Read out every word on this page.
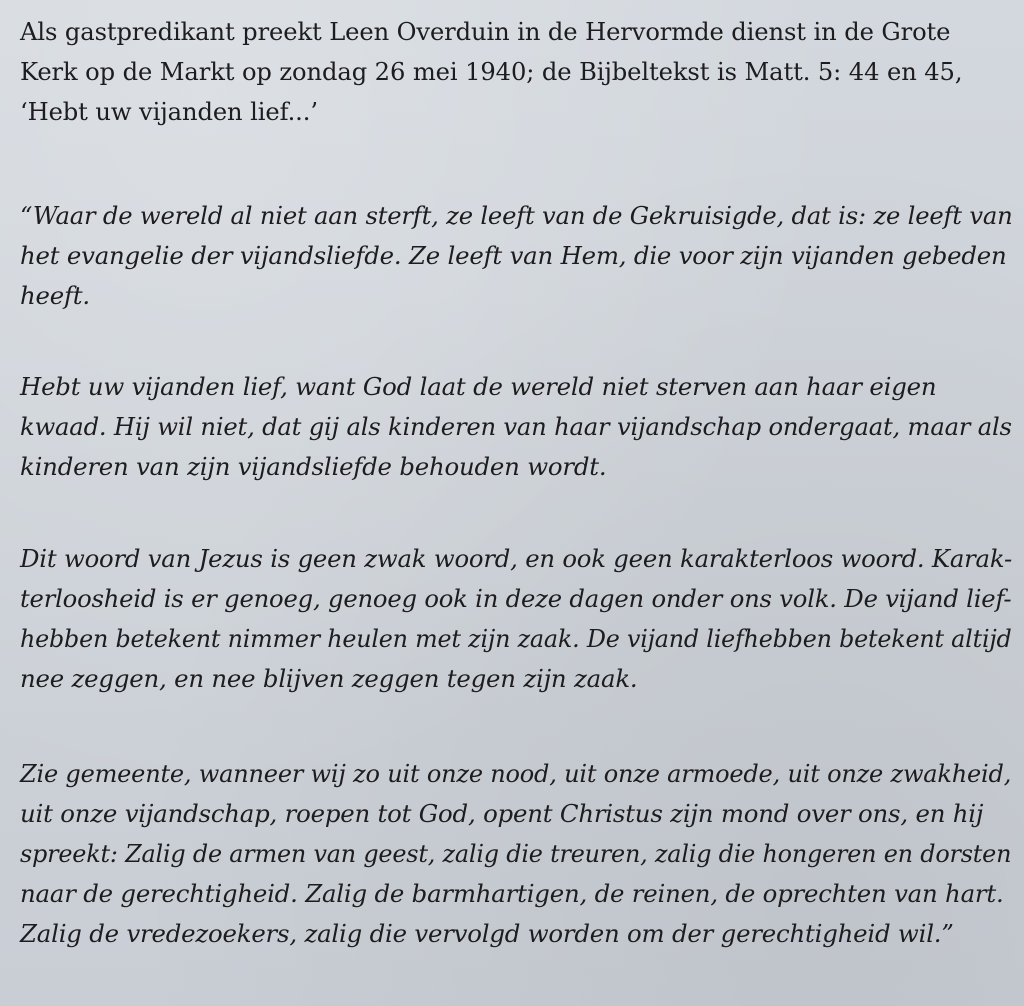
Als gastpredikant preekt Leen Overduin in de Hervormde dienst in de Grote
Kerk op de Markt op zondag 26 mei 1940; de Bijbeltekst is Matt. 5: 44 en 45,
‘Hebt uw vijanden lief...’

“Waar de wereld al niet aan sterft, ze leeft van de Gekruisigde, dat is: ze leeft van
het evangelie der vijandsliefde. Ze leeft van Hem, die voor zijn vijanden gebeden
heeft.

Hebt uw vijanden lief, want God laat de wereld niet sterven aan haar eigen
kwaad. Hij wil niet, dat gij als kinderen van haar vijandschap ondergaat, maar als
kinderen van zijn vijandsliefde behouden wordt.

Dit woord van Jezus is geen zwak woord, en ook geen karakterloos woord. Karak-
terloosheid is er genoeg, genoeg ook in deze dagen onder ons volk. De vijand lief-
hebben betekent nimmer heulen met zijn zaak. De vijand liefhebben betekent altijd
nee zeggen, en nee blijven zeggen tegen zijn zaak.

Zie gemeente, wanneer wij zo uit onze nood, uit onze armoede, uit onze zwakheid,
uit onze vijandschap, roepen tot God, opent Christus zijn mond over ons, en hij
spreekt: Zalig de armen van geest, zalig die treuren, zalig die hongeren en dorsten
naar de gerechtigheid. Zalig de barmhartigen, de reinen, de oprechten van hart.
Zalig de vredezoekers, zalig die vervolgd worden om der gerechtigheid wil.”
